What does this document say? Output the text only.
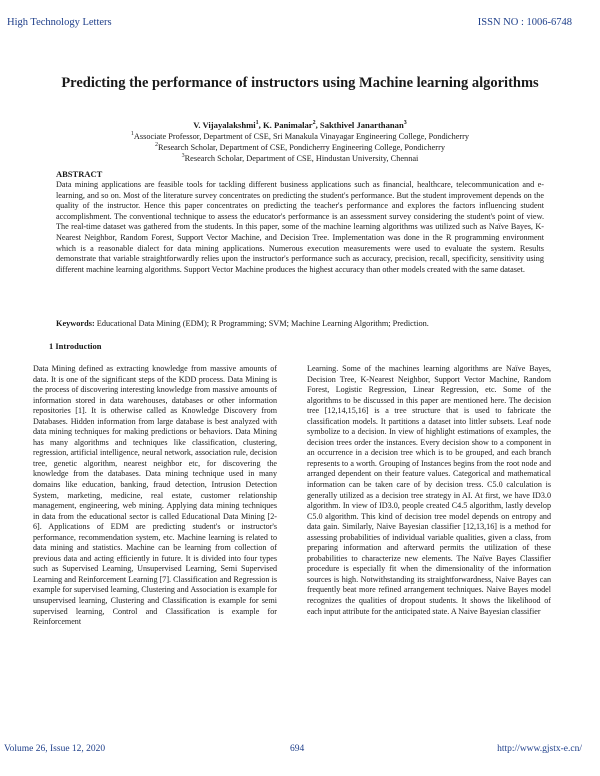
High Technology Letters	ISSN NO : 1006-6748
Predicting the performance of instructors using Machine learning algorithms
V. Vijayalakshmi$^1$, K. Panimalar$^2$, Sakthivel Janarthanan$^3$
$^1$Associate Professor, Department of CSE, Sri Manakula Vinayagar Engineering College, Pondicherry
$^2$Research Scholar, Department of CSE, Pondicherry Engineering College, Pondicherry
$^3$Research Scholar, Department of CSE, Hindustan University, Chennai
ABSTRACT

Data mining applications are feasible tools for tackling different business applications such as financial, healthcare, telecommunication and e-learning, and so on. Most of the literature survey concentrates on predicting the student's performance. But the student improvement depends on the quality of the instructor. Hence this paper concentrates on predicting the teacher's performance and explores the factors influencing student accomplishment. The conventional technique to assess the educator's performance is an assessment survey considering the student's point of view. The real-time dataset was gathered from the students. In this paper, some of the machine learning algorithms was utilized such as Naïve Bayes, K-Nearest Neighbor, Random Forest, Support Vector Machine, and Decision Tree. Implementation was done in the R programming environment which is a reasonable dialect for data mining applications. Numerous execution measurements were used to evaluate the system. Results demonstrate that variable straightforwardly relies upon the instructor's performance such as accuracy, precision, recall, specificity, sensitivity using different machine learning algorithms. Support Vector Machine produces the highest accuracy than other models created with the same dataset.

Keywords: Educational Data Mining (EDM); R Programming; SVM; Machine Learning Algorithm; Prediction.
1 Introduction

Data Mining defined as extracting knowledge from massive amounts of data. It is one of the significant steps of the KDD process. Data Mining is the process of discovering interesting knowledge from massive amounts of information stored in data warehouses, databases or other information repositories [1]. It is otherwise called as Knowledge Discovery from Databases. Hidden information from large database is best analyzed with data mining techniques for making predictions or behaviors. Data Mining has many algorithms and techniques like classification, clustering, regression, artificial intelligence, neural network, association rule, decision tree, genetic algorithm, nearest neighbor etc, for discovering the knowledge from the databases. Data mining technique used in many domains like education, banking, fraud detection, Intrusion Detection System, marketing, medicine, real estate, customer relationship management, engineering, web mining. Applying data mining techniques in data from the educational sector is called Educational Data Mining [2-6]. Applications of EDM are predicting student's or instructor's performance, recommendation system, etc. Machine learning is related to data mining and statistics. Machine can be learning from collection of previous data and acting efficiently in future. It is divided into four types such as Supervised Learning, Unsupervised Learning, Semi Supervised Learning and Reinforcement Learning [7]. Classification and Regression is example for supervised learning, Clustering and Association is example for unsupervised learning, Clustering and Classification is example for semi supervised learning, Control and Classification is example for Reinforcement

Learning. Some of the machines learning algorithms are Naïve Bayes, Decision Tree, K-Nearest Neighbor, Support Vector Machine, Random Forest, Logistic Regression, Linear Regression, etc. Some of the algorithms to be discussed in this paper are mentioned here. The decision tree [12,14,15,16] is a tree structure that is used to fabricate the classification models. It partitions a dataset into littler subsets. Leaf node symbolize to a decision. In view of highlight estimations of examples, the decision trees order the instances. Every decision show to a component in an occurrence in a decision tree which is to be grouped, and each branch represents to a worth. Grouping of Instances begins from the root node and arranged dependent on their feature values. Categorical and mathematical information can be taken care of by decision tress. C5.0 calculation is generally utilized as a decision tree strategy in AI. At first, we have ID3.0 algorithm. In view of ID3.0, people created C4.5 algorithm, lastly develop C5.0 algorithm. This kind of decision tree model depends on entropy and data gain. Similarly, Naive Bayesian classifier [12,13,16] is a method for assessing probabilities of individual variable qualities, given a class, from preparing information and afterward permits the utilization of these probabilities to characterize new elements. The Naïve Bayes Classifier procedure is especially fit when the dimensionality of the information sources is high. Notwithstanding its straightforwardness, Naive Bayes can frequently beat more refined arrangement techniques. Naive Bayes model recognizes the qualities of dropout students. It shows the likelihood of each input attribute for the anticipated state. A Naive Bayesian classifier

Volume 26, Issue 12, 2020	694	http://www.gjstx-e.cn/
